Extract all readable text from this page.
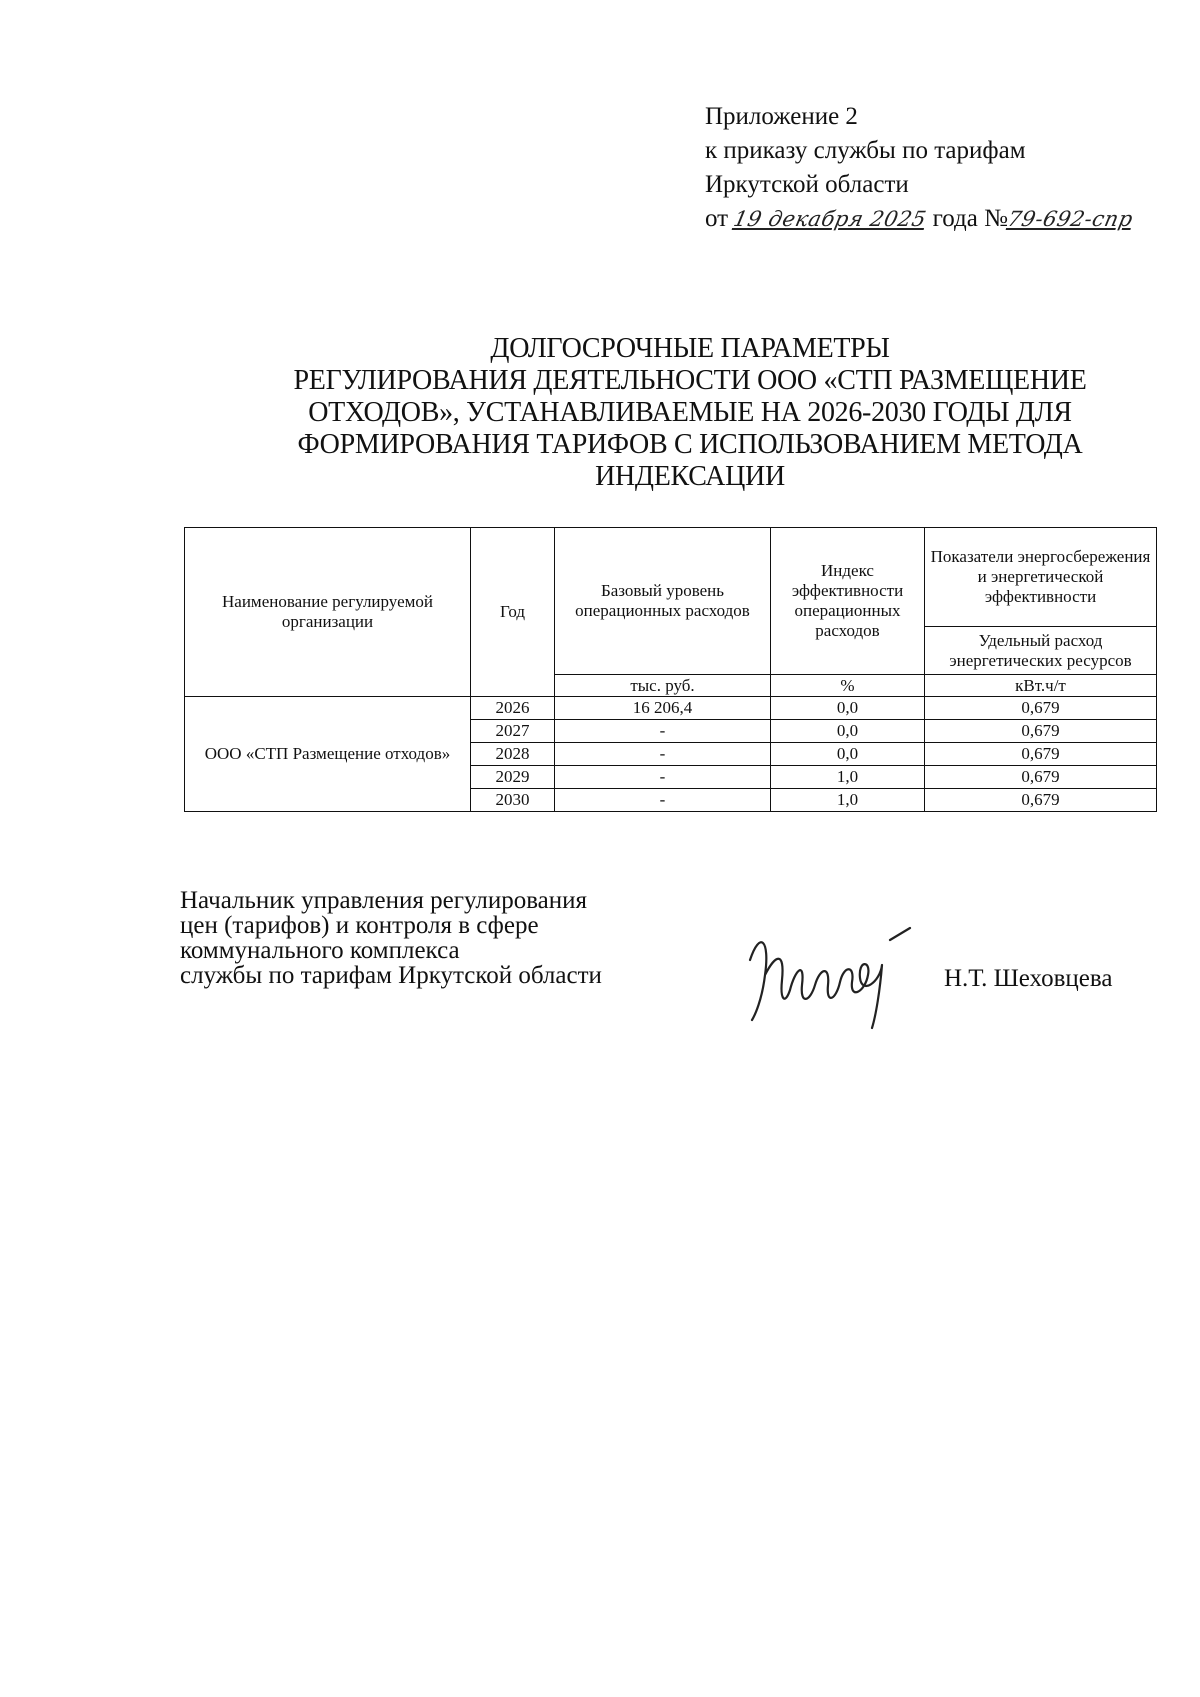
Приложение 2
к приказу службы по тарифам
Иркутской области
от 19 декабря 2025 года №79-692-спр
ДОЛГОСРОЧНЫЕ ПАРАМЕТРЫ
РЕГУЛИРОВАНИЯ ДЕЯТЕЛЬНОСТИ ООО «СТП РАЗМЕЩЕНИЕ
ОТХОДОВ», УСТАНАВЛИВАЕМЫЕ НА 2026-2030 ГОДЫ ДЛЯ
ФОРМИРОВАНИЯ ТАРИФОВ С ИСПОЛЬЗОВАНИЕМ МЕТОДА
ИНДЕКСАЦИИ
Наименование регулируемой организации	Год	Базовый уровень операционных расходов	Индекс эффективности операционных расходов	Показатели энергосбережения и энергетической эффективности
				Удельный расход энергетических ресурсов
		тыс. руб.	%	кВт.ч/т
ООО «СТП Размещение отходов»	2026	16 206,4	0,0	0,679
	2027	-	0,0	0,679
	2028	-	0,0	0,679
	2029	-	1,0	0,679
	2030	-	1,0	0,679
Начальник управления регулирования
цен (тарифов) и контроля в сфере
коммунального комплекса
службы по тарифам Иркутской области	Н.Т. Шеховцева
